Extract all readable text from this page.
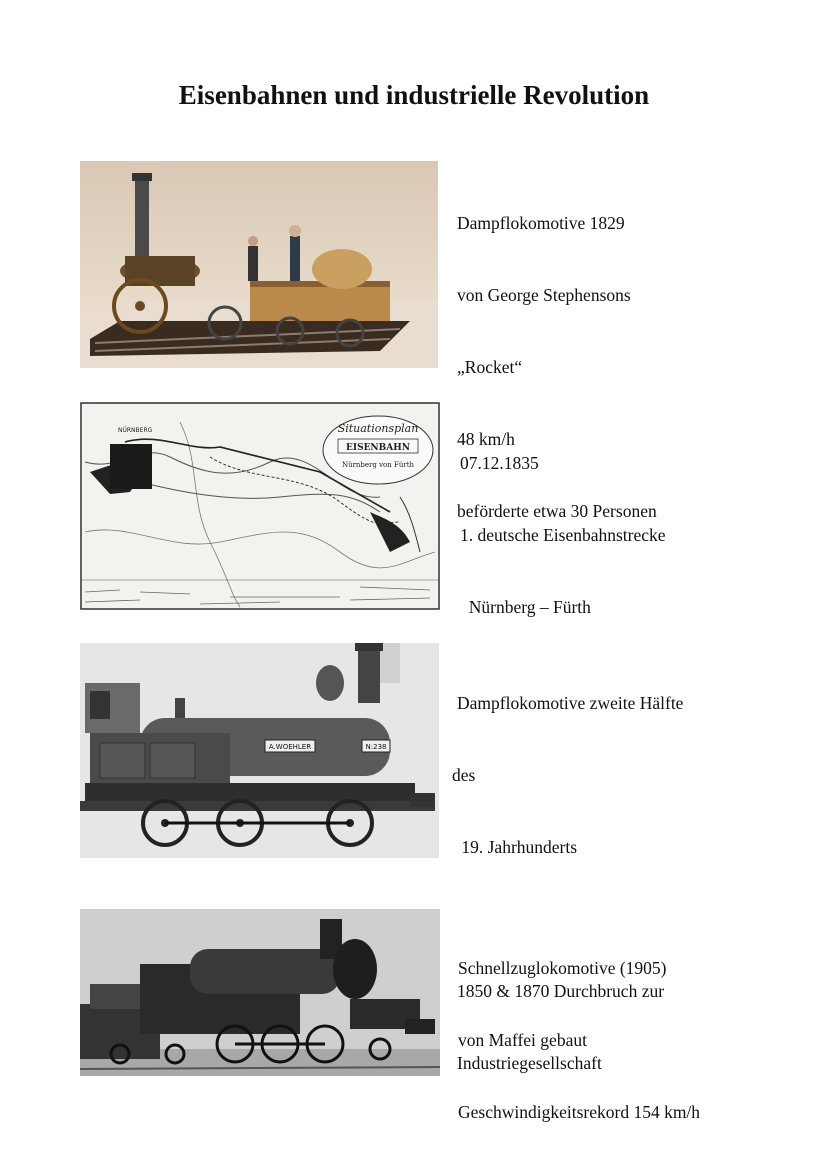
Eisenbahnen und industrielle Revolution

Dampflokomotive 1829

von George Stephensons

„Rocket“

48 km/h

beförderte etwa 30 Personen

Situationsplan
EISENBAHN
Nürnberg von Fürth
NÜRNBERG

07.12.1835

1. deutsche Eisenbahnstrecke

Nürnberg – Fürth

A.WOEHLER	N:238

Dampflokomotive zweite Hälfte

des

19. Jahrhunderts

1850 & 1870 Durchbruch zur

Industriegesellschaft

Schnellzuglokomotive (1905)

von Maffei gebaut

Geschwindigkeitsrekord 154 km/h
